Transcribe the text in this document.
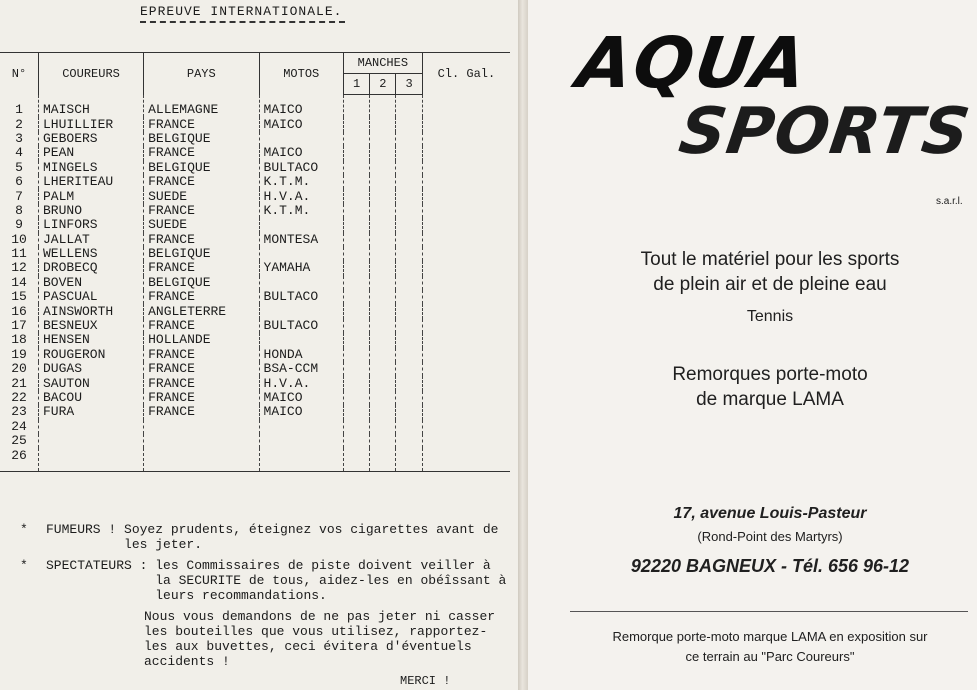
EPREUVE INTERNATIONALE.
N°	COUREURS	PAYS	MOTOS	MANCHES			Cl. Gal.
				1	2	3	
1	MAISCH	ALLEMAGNE	MAICO				
2	LHUILLIER	FRANCE	MAICO				
3	GEBOERS	BELGIQUE					
4	PEAN	FRANCE	MAICO				
5	MINGELS	BELGIQUE	BULTACO				
6	LHERITEAU	FRANCE	K.T.M.				
7	PALM	SUEDE	H.V.A.				
8	BRUNO	FRANCE	K.T.M.				
9	LINFORS	SUEDE					
10	JALLAT	FRANCE	MONTESA				
11	WELLENS	BELGIQUE					
12	DROBECQ	FRANCE	YAMAHA				
14	BOVEN	BELGIQUE					
15	PASCUAL	FRANCE	BULTACO				
16	AINSWORTH	ANGLETERRE					
17	BESNEUX	FRANCE	BULTACO				
18	HENSEN	HOLLANDE					
19	ROUGERON	FRANCE	HONDA				
20	DUGAS	FRANCE	BSA-CCM				
21	SAUTON	FRANCE	H.V.A.				
22	BACOU	FRANCE	MAICO				
23	FURA	FRANCE	MAICO				
24							
25							
26							
*	FUMEURS ! Soyez prudents, éteignez vos cigarettes avant de les jeter.
*	SPECTATEURS : les Commissaires de piste doivent veiller à la SECURITE de tous, aidez-les en obéîssant à leurs recommandations.
Nous vous demandons de ne pas jeter ni casser les bouteilles que vous utilisez, rapportez-les aux buvettes, ceci évitera d'éventuels accidents !
MERCI !
AQUA
SPORTS
s.a.r.l.
Tout le matériel pour les sports
de plein air et de pleine eau
Tennis
Remorques porte-moto
de marque LAMA
17, avenue Louis-Pasteur
(Rond-Point des Martyrs)
92220 BAGNEUX - Tél. 656 96-12
Remorque porte-moto marque LAMA en exposition sur
ce terrain au "Parc Coureurs"
